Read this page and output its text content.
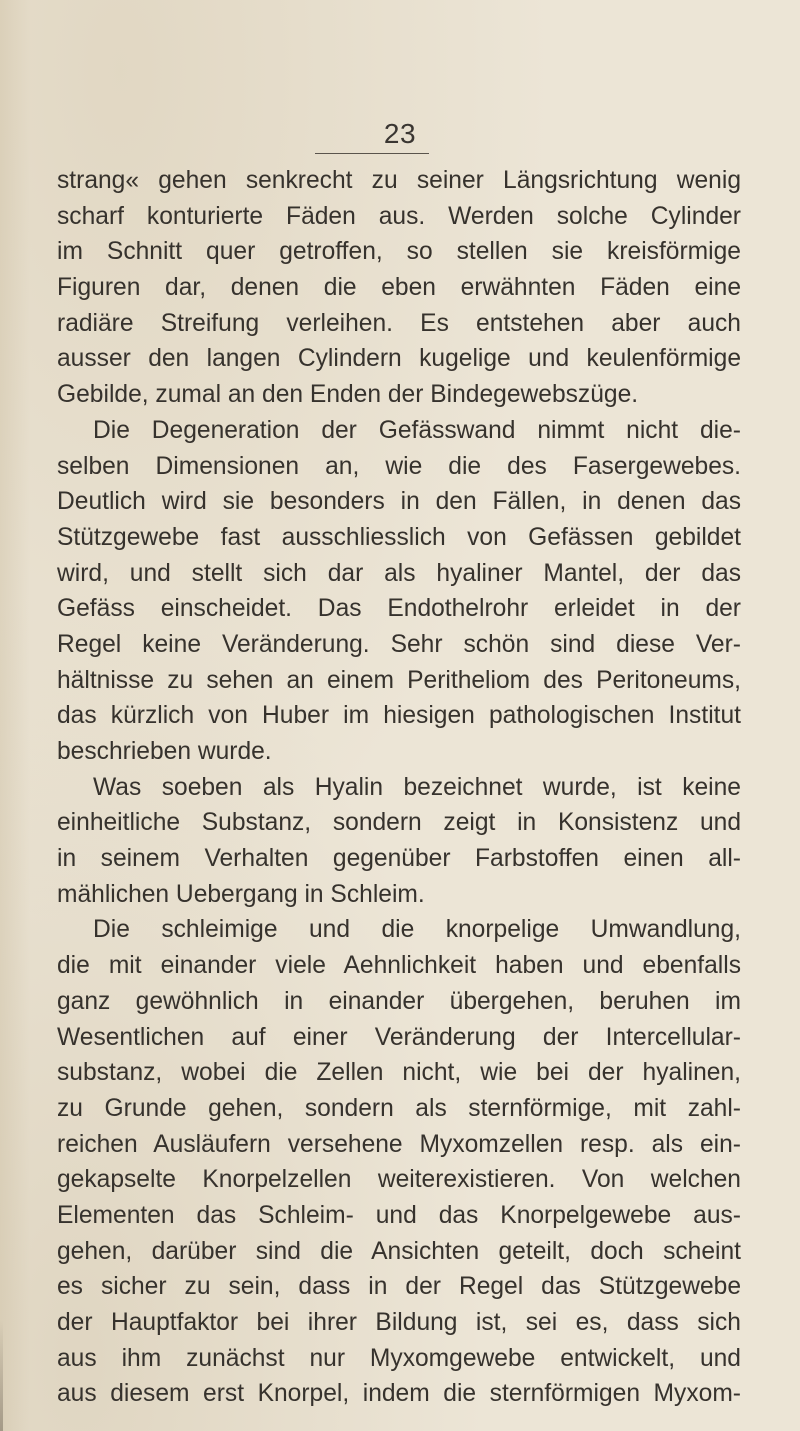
23
strang« gehen senkrecht zu seiner Längsrichtung wenig
scharf konturierte Fäden aus. Werden solche Cylinder
im Schnitt quer getroffen, so stellen sie kreisförmige
Figuren dar, denen die eben erwähnten Fäden eine
radiäre Streifung verleihen. Es entstehen aber auch
ausser den langen Cylindern kugelige und keulenförmige
Gebilde, zumal an den Enden der Bindegewebszüge.
Die Degeneration der Gefässwand nimmt nicht die-
selben Dimensionen an, wie die des Fasergewebes.
Deutlich wird sie besonders in den Fällen, in denen das
Stützgewebe fast ausschliesslich von Gefässen gebildet
wird, und stellt sich dar als hyaliner Mantel, der das
Gefäss einscheidet. Das Endothelrohr erleidet in der
Regel keine Veränderung. Sehr schön sind diese Ver-
hältnisse zu sehen an einem Peritheliom des Peritoneums,
das kürzlich von Huber im hiesigen pathologischen Institut
beschrieben wurde.
Was soeben als Hyalin bezeichnet wurde, ist keine
einheitliche Substanz, sondern zeigt in Konsistenz und
in seinem Verhalten gegenüber Farbstoffen einen all-
mählichen Uebergang in Schleim.
Die schleimige und die knorpelige Umwandlung,
die mit einander viele Aehnlichkeit haben und ebenfalls
ganz gewöhnlich in einander übergehen, beruhen im
Wesentlichen auf einer Veränderung der Intercellular-
substanz, wobei die Zellen nicht, wie bei der hyalinen,
zu Grunde gehen, sondern als sternförmige, mit zahl-
reichen Ausläufern versehene Myxomzellen resp. als ein-
gekapselte Knorpelzellen weiterexistieren. Von welchen
Elementen das Schleim- und das Knorpelgewebe aus-
gehen, darüber sind die Ansichten geteilt, doch scheint
es sicher zu sein, dass in der Regel das Stützgewebe
der Hauptfaktor bei ihrer Bildung ist, sei es, dass sich
aus ihm zunächst nur Myxomgewebe entwickelt, und
aus diesem erst Knorpel, indem die sternförmigen Myxom-
